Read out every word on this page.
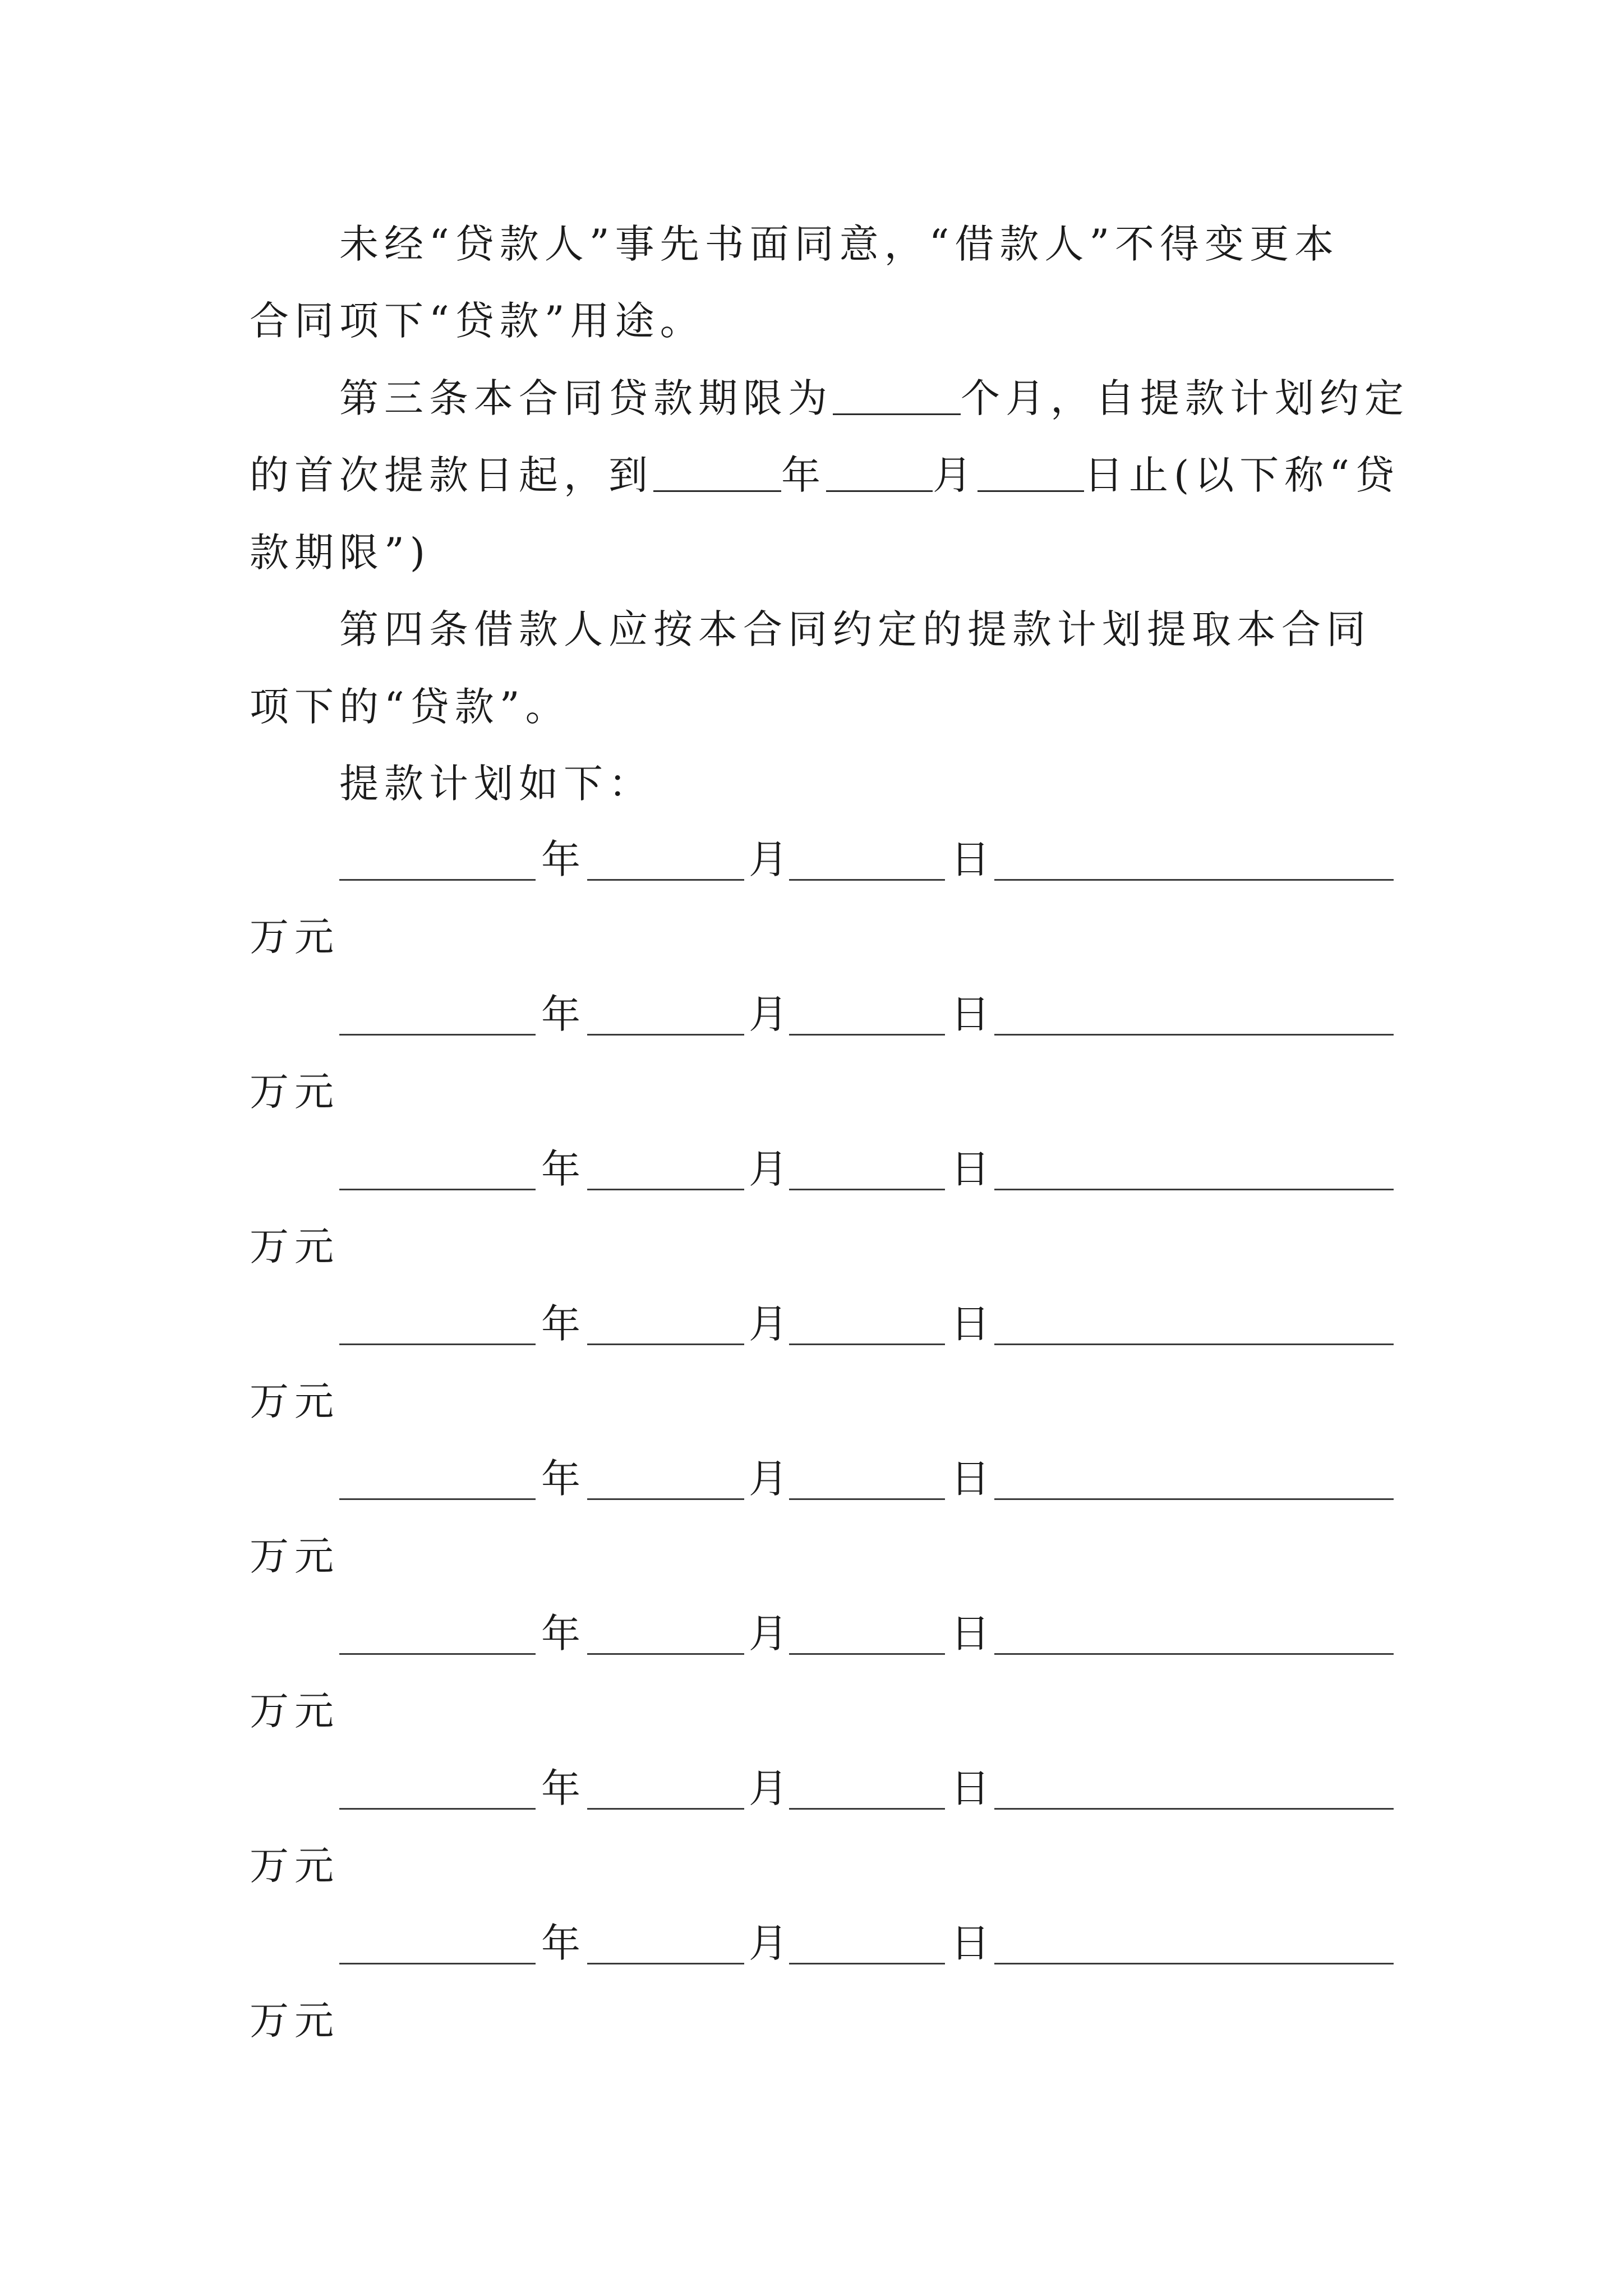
未经“贷款人”事先书面同意，“借款人”不得变更本
合同项下“贷款”用途。
第三条本合同贷款期限为	个月，自提款计划约定
的首次提款日起，到	年	月	日止(以下称“贷
款期限”)
第四条借款人应按本合同约定的提款计划提取本合同
项下的“贷款”。
提款计划如下：
年	月	日
万元
年	月	日
万元
年	月	日
万元
年	月	日
万元
年	月	日
万元
年	月	日
万元
年	月	日
万元
年	月	日
万元
